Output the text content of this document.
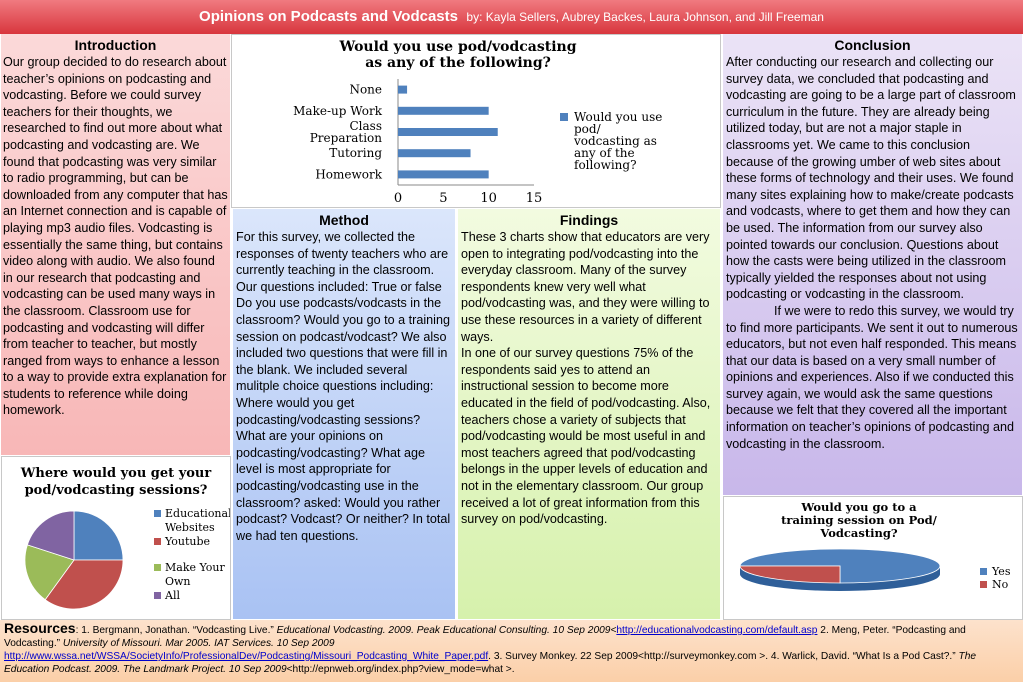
Opinions on Podcasts and Vodcasts by: Kayla Sellers, Aubrey Backes, Laura Johnson, and Jill Freeman
Introduction

Our group decided to do research about teacher’s opinions on podcasting and vodcasting. Before we could survey teachers for their thoughts, we researched to find out more about what podcasting and vodcasting are. We found that podcasting was very similar to radio programming, but can be downloaded from any computer that has an Internet connection and is capable of playing mp3 audio files. Vodcasting is essentially the same thing, but contains video along with audio. We also found in our research that podcasting and vodcasting can be used many ways in the classroom. Classroom use for podcasting and vodcasting will differ from teacher to teacher, but mostly ranged from ways to enhance a lesson to a way to provide extra explanation for students to reference while doing homework.

Would you use pod/vodcasting
as any of the following?
0	5	10 15
None
Make-up Work
Class
Preparation
Tutoring
Homework
Would you use
pod/
vodcasting as
any of the
following?
Method

For this survey, we collected the responses of twenty teachers who are currently teaching in the classroom. Our questions included: True or false Do you use podcasts/vodcasts in the classroom? Would you go to a training session on podcast/vodcast? We also included two questions that were fill in the blank. We included several mulitple choice questions including: Where would you get podcasting/vodcasting sessions? What are your opinions on podcasting/vodcasting? What age level is most appropriate for podcasting/vodcasting use in the classroom? asked: Would you rather podcast? Vodcast? Or neither? In total we had ten questions.

Findings

These 3 charts show that educators are very open to integrating pod/vodcasting into the everyday classroom. Many of the survey respondents knew very well what pod/vodcasting was, and they were willing to use these resources in a variety of different ways.

In one of our survey questions 75% of the respondents said yes to attend an instructional session to become more educated in the field of pod/vodcasting. Also, teachers chose a variety of subjects that pod/vodcasting would be most useful in and most teachers agreed that pod/vodcasting belongs in the upper levels of education and not in the elementary classroom. Our group received a lot of great information from this survey on pod/vodcasting.

Conclusion

After conducting our research and collecting our survey data, we concluded that podcasting and vodcasting are going to be a large part of classroom curriculum in the future. They are already being utilized today, but are not a major staple in classrooms yet. We came to this conclusion because of the growing umber of web sites about these forms of technology and their uses. We found many sites explaining how to make/create podcasts and vodcasts, where to get them and how they can be used. The information from our survey also pointed towards our conclusion. Questions about how the casts were being utilized in the classroom typically yielded the responses about not using podcasting or vodcasting in the classroom.

If we were to redo this survey, we would try to find more participants. We sent it out to numerous educators, but not even half responded. This means that our data is based on a very small number of opinions and experiences. Also if we conducted this survey again, we would ask the same questions because we felt that they covered all the important information on teacher’s opinions of podcasting and vodcasting in the classroom.

Where would you get your
pod/vodcasting sessions?
Educational
Websites
Youtube
Make Your
Own
All
Would you go to a
training session on Pod/
Vodcasting?
Yes
No
Resources: 1. Bergmann, Jonathan. “Vodcasting Live.” Educational Vodcasting. 2009. Peak Educational Consulting. 10 Sep 2009<http://educationalvodcasting.com/default.asp 2. Meng, Peter. “Podcasting and Vodcasting.” University of Missouri. Mar 2005. IAT Services. 10 Sep 2009
http://www.wssa.net/WSSA/SocietyInfo/ProfessionalDev/Podcasting/Missouri_Podcasting_White_Paper.pdf. 3. Survey Monkey. 22 Sep 2009<http://surveymonkey.com >. 4. Warlick, David. “What Is a Pod Cast?.” The Education Podcast. 2009. The Landmark Project. 10 Sep 2009<http://epnweb.org/index.php?view_mode=what >.
